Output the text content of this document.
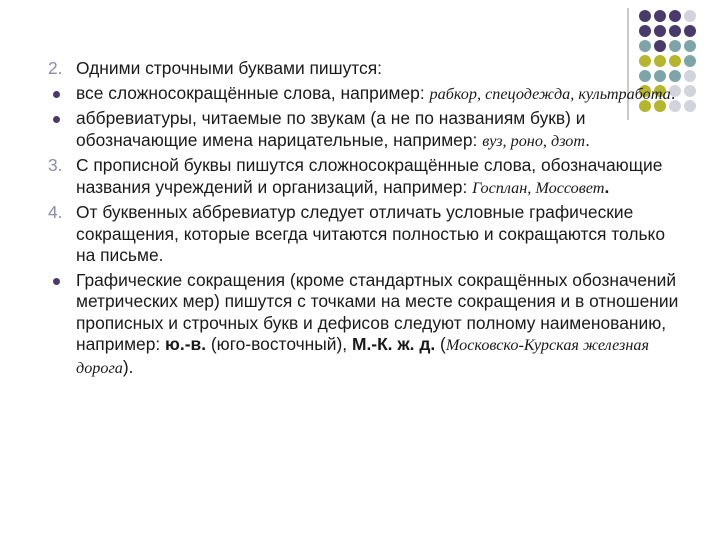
2. Одними строчными буквами пишутся:
все сложносокращённые слова, например: рабкор, спецодежда, культработа.
аббревиатуры, читаемые по звукам (а не по названиям букв) и обозначающие имена нарицательные, например: вуз, роно, дзот.
3. С прописной буквы пишутся сложносокращённые слова, обозначающие названия учреждений и организаций, например: Госплан, Моссовет.
4. От буквенных аббревиатур следует отличать условные графические сокращения, которые всегда читаются полностью и сокращаются только на письме.
Графические сокращения (кроме стандартных сокращённых обозначений метрических мер) пишутся с точками на месте сокращения и в отношении прописных и строчных букв и дефисов следуют полному наименованию, например: ю.-в. (юго-восточный), М.-К. ж. д. (Московско-Курская железная дорога).
